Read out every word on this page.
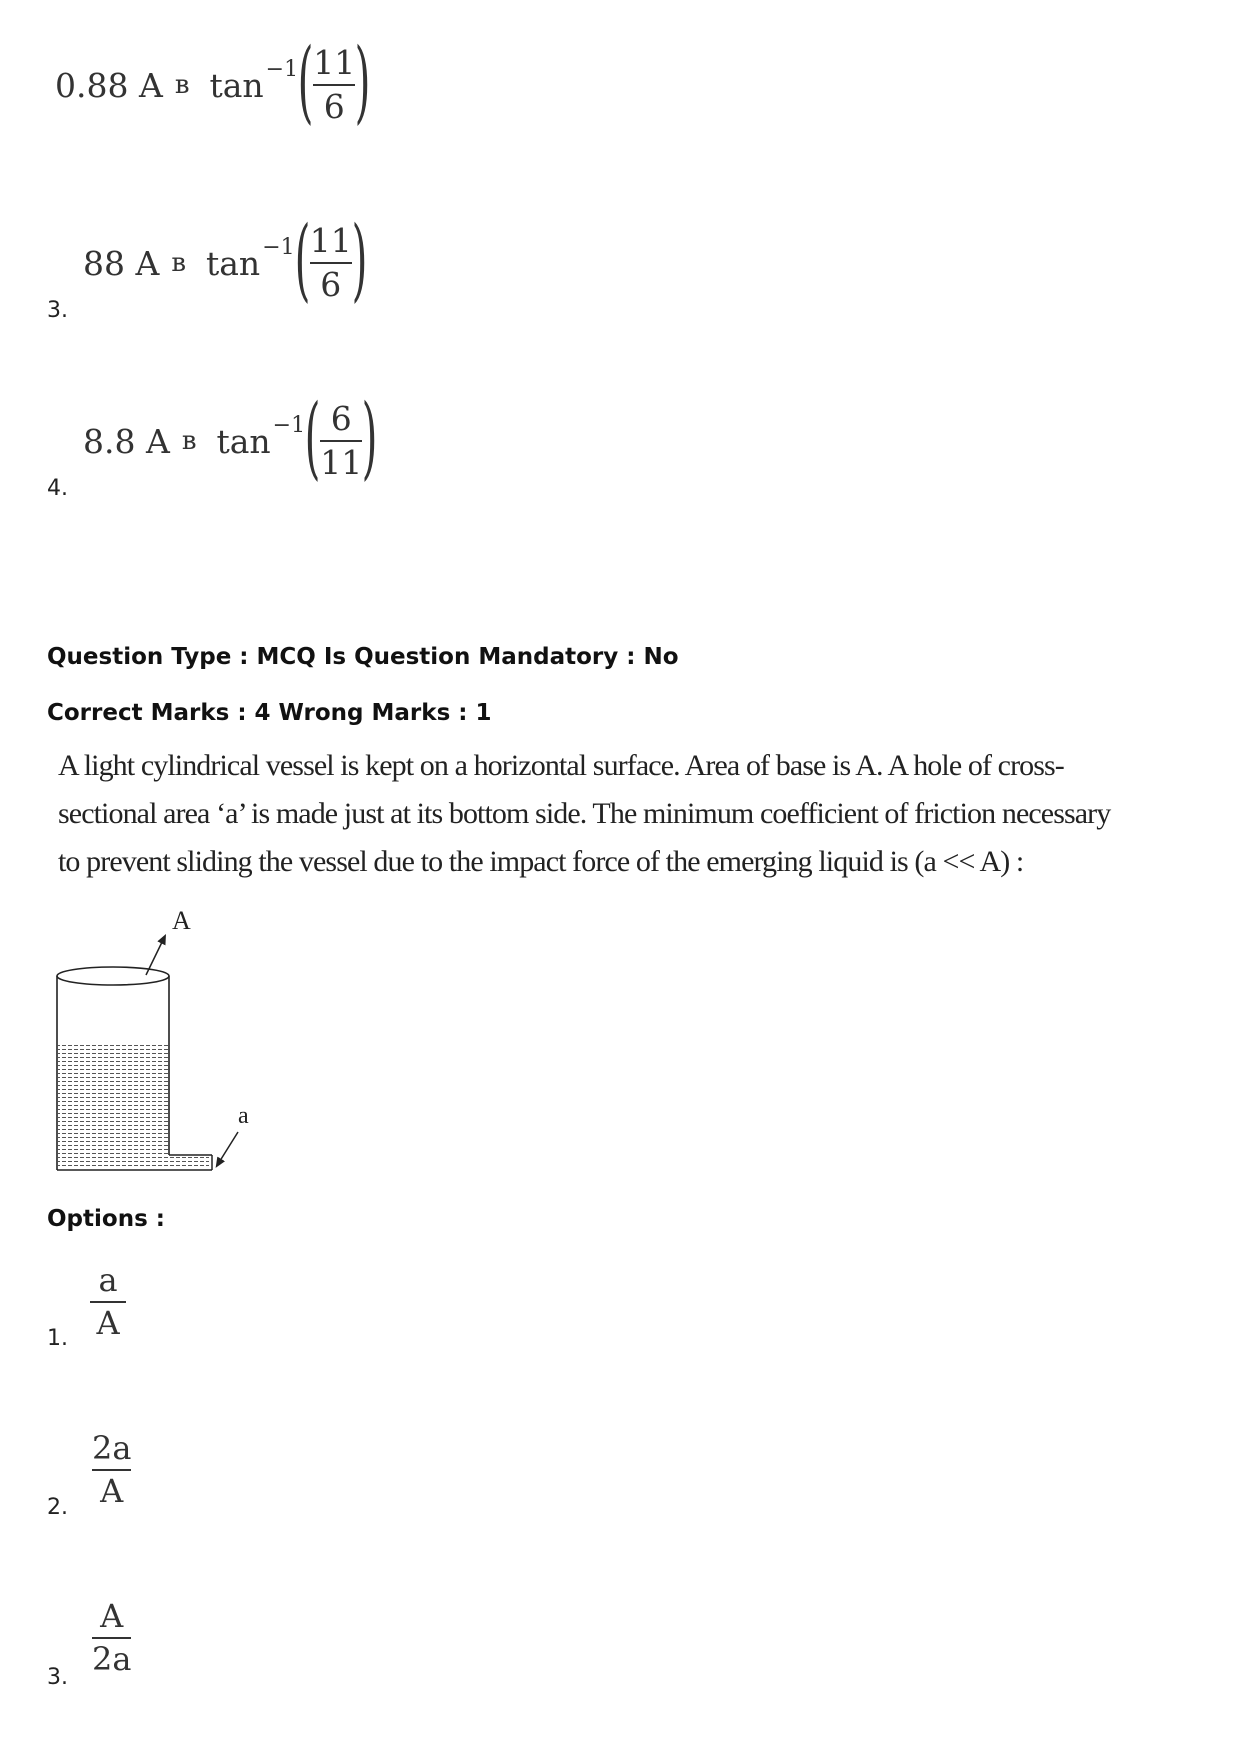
0.88
A ʙ tan −1 ( $\frac{11}{6}$ )
3.
88
A ʙ tan −1 ( $\frac{11}{6}$ )
4.
8.8
A ʙ tan −1 ( $\frac{6}{11}$ )
Question Type : MCQ Is Question Mandatory : No
Correct Marks : 4 Wrong Marks : 1
A light cylindrical vessel is kept on a horizontal surface. Area of base is A. A hole of cross-
sectional area ‘a’ is made just at its bottom side. The minimum coefficient of friction necessary
to prevent sliding the vessel due to the impact force of the emerging liquid is (a << A) :
A
a
Options :
1.
a
A
2.
2a
A
3.
A
2a
